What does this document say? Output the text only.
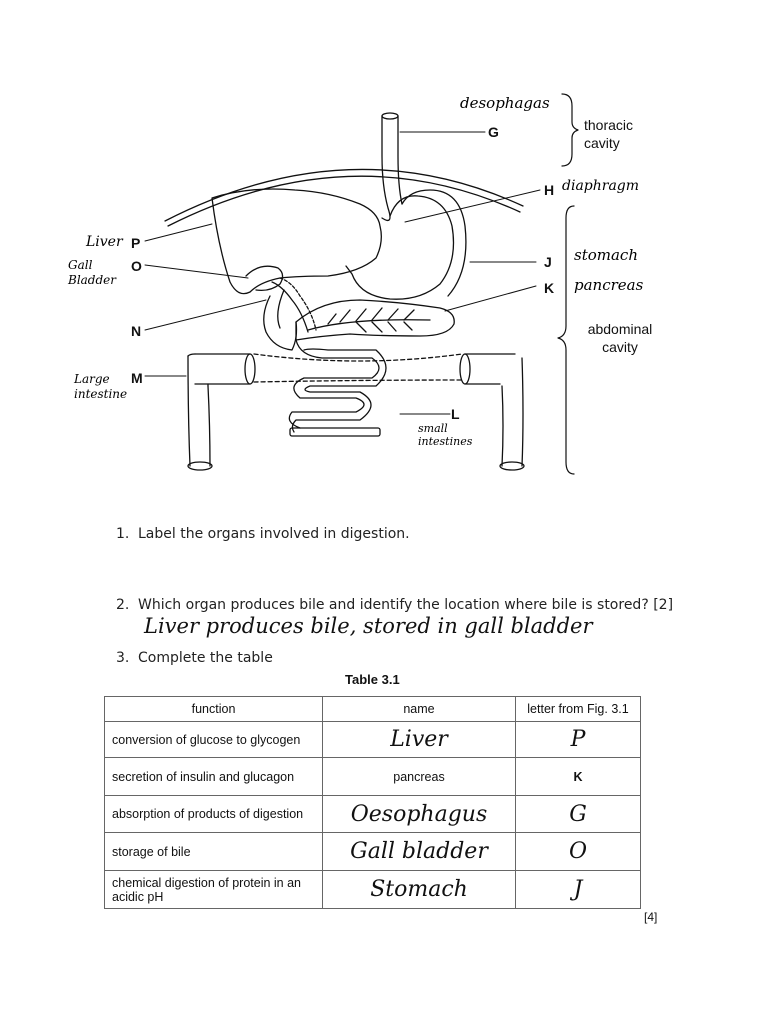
G
H
J
K
L
P
O
N
M
thoracic cavity
abdominal cavity
desophagas
diaphragm
stomach
pancreas
small intestines
Large intestine
Gall Bladder
Liver
1. Label the organs involved in digestion.
2. Which organ produces bile and identify the location where bile is stored? [2]
Liver produces bile, stored in gall bladder
3. Complete the table
Table 3.1
function	name	letter from Fig. 3.1
conversion of glucose to glycogen	Liver	P
secretion of insulin and glucagon	pancreas	K
absorption of products of digestion	Oesophagus	G
storage of bile	Gall bladder	O
chemical digestion of protein in an acidic pH	Stomach	J
[4]
